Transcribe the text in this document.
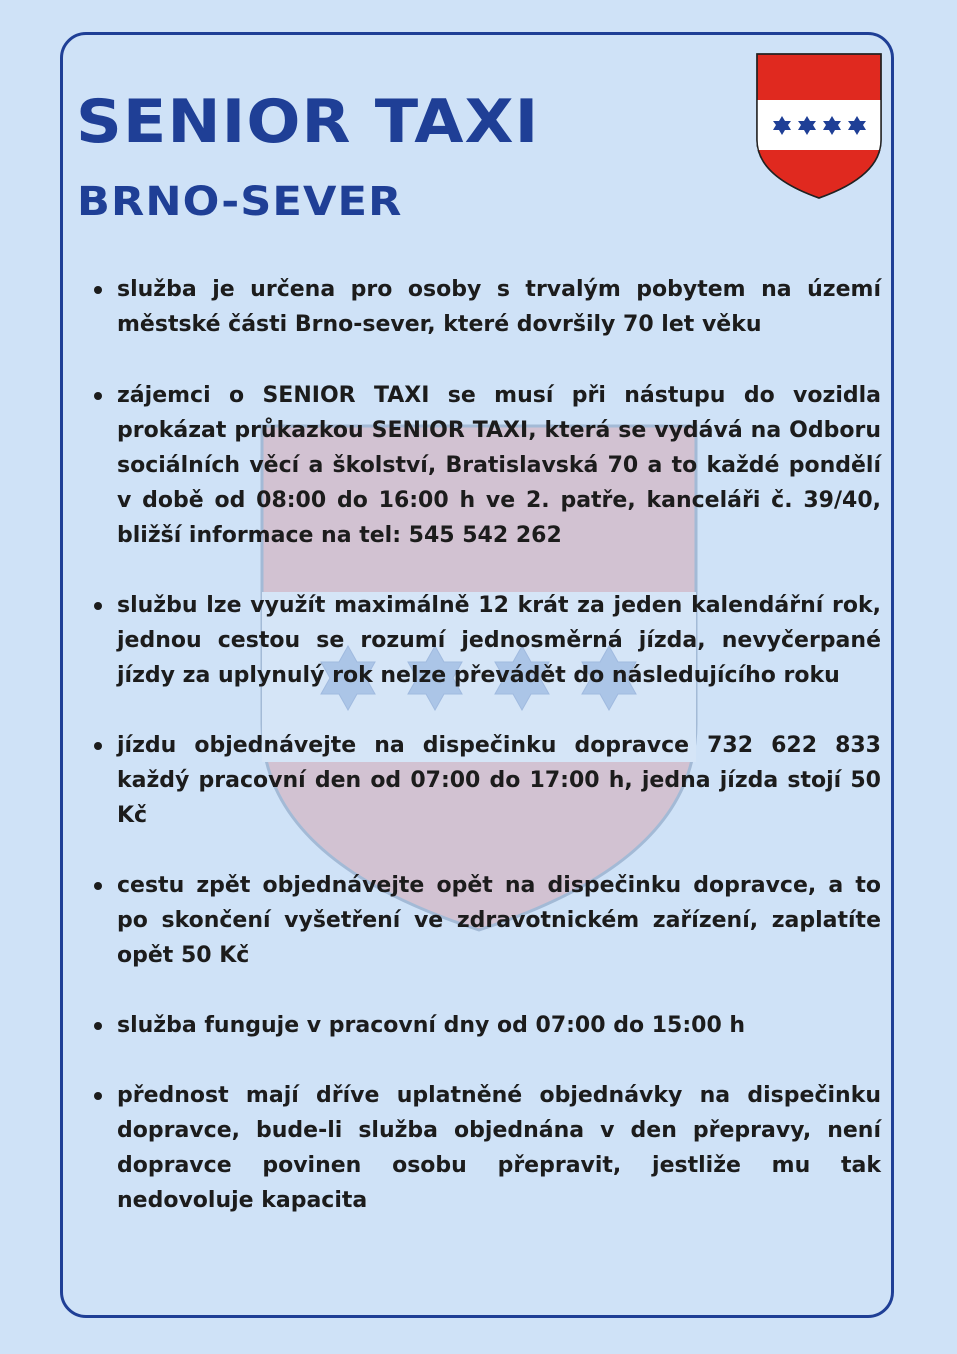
SENIOR TAXI
BRNO-SEVER
služba je určena pro osoby s trvalým pobytem na území městské části Brno-sever, které dovršily 70 let věku
zájemci o SENIOR TAXI se musí při nástupu do vozidla prokázat průkazkou SENIOR TAXI, která se vydává na Odboru sociálních věcí a školství, Bratislavská 70 a to každé pondělí v době od 08:00 do 16:00 h ve 2. patře, kanceláři č. 39/40, bližší informace na tel: 545 542 262
službu lze využít maximálně 12 krát za jeden kalendářní rok, jednou cestou se rozumí jednosměrná jízda, nevyčerpané jízdy za uplynulý rok nelze převádět do následujícího roku
jízdu objednávejte na dispečinku dopravce 732 622 833 každý pracovní den od 07:00 do 17:00 h, jedna jízda stojí 50 Kč
cestu zpět objednávejte opět na dispečinku dopravce, a to po skončení vyšetření ve zdravotnickém zařízení, zaplatíte opět 50 Kč
služba funguje v pracovní dny od 07:00 do 15:00 h
přednost mají dříve uplatněné objednávky na dispečinku dopravce, bude-li služba objednána v den přepravy, není dopravce povinen osobu přepravit, jestliže mu tak nedovoluje kapacita
